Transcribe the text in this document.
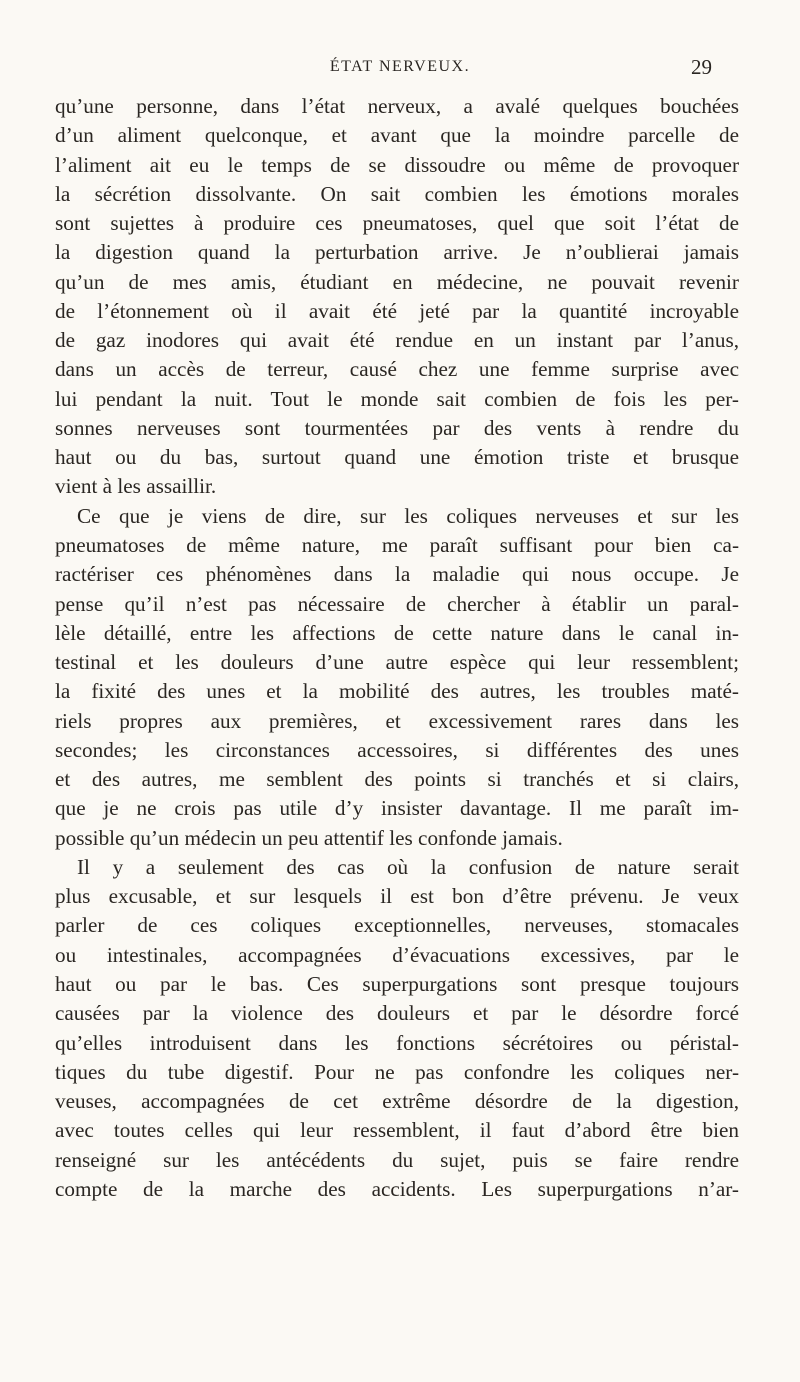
ÉTAT NERVEUX.	29
qu’une personne, dans l’état nerveux, a avalé quelques bouchées
d’un aliment quelconque, et avant que la moindre parcelle de
l’aliment ait eu le temps de se dissoudre ou même de provoquer
la sécrétion dissolvante. On sait combien les émotions morales
sont sujettes à produire ces pneumatoses, quel que soit l’état de
la digestion quand la perturbation arrive. Je n’oublierai jamais
qu’un de mes amis, étudiant en médecine, ne pouvait revenir
de l’étonnement où il avait été jeté par la quantité incroyable
de gaz inodores qui avait été rendue en un instant par l’anus,
dans un accès de terreur, causé chez une femme surprise avec
lui pendant la nuit. Tout le monde sait combien de fois les per-
sonnes nerveuses sont tourmentées par des vents à rendre du
haut ou du bas, surtout quand une émotion triste et brusque
vient à les assaillir.
Ce que je viens de dire, sur les coliques nerveuses et sur les
pneumatoses de même nature, me paraît suffisant pour bien ca-
ractériser ces phénomènes dans la maladie qui nous occupe. Je
pense qu’il n’est pas nécessaire de chercher à établir un paral-
lèle détaillé, entre les affections de cette nature dans le canal in-
testinal et les douleurs d’une autre espèce qui leur ressemblent;
la fixité des unes et la mobilité des autres, les troubles maté-
riels propres aux premières, et excessivement rares dans les
secondes; les circonstances accessoires, si différentes des unes
et des autres, me semblent des points si tranchés et si clairs,
que je ne crois pas utile d’y insister davantage. Il me paraît im-
possible qu’un médecin un peu attentif les confonde jamais.
Il y a seulement des cas où la confusion de nature serait
plus excusable, et sur lesquels il est bon d’être prévenu. Je veux
parler de ces coliques exceptionnelles, nerveuses, stomacales
ou intestinales, accompagnées d’évacuations excessives, par le
haut ou par le bas. Ces superpurgations sont presque toujours
causées par la violence des douleurs et par le désordre forcé
qu’elles introduisent dans les fonctions sécrétoires ou péristal-
tiques du tube digestif. Pour ne pas confondre les coliques ner-
veuses, accompagnées de cet extrême désordre de la digestion,
avec toutes celles qui leur ressemblent, il faut d’abord être bien
renseigné sur les antécédents du sujet, puis se faire rendre
compte de la marche des accidents. Les superpurgations n’ar-
